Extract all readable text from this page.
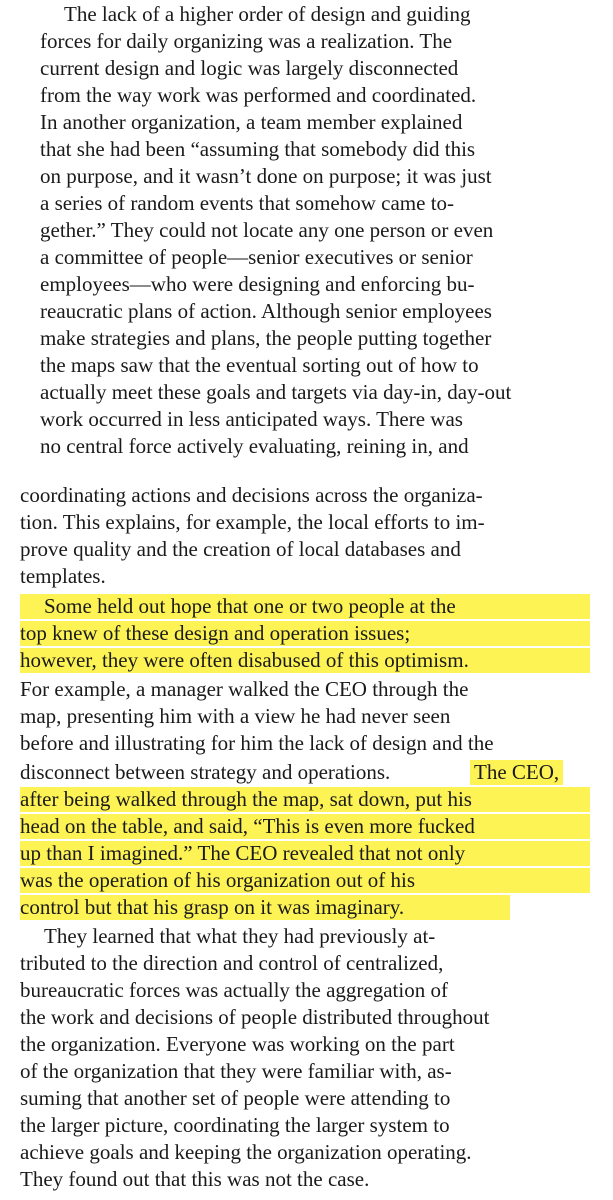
The lack of a higher order of design and guiding
forces for daily organizing was a realization. The
current design and logic was largely disconnected
from the way work was performed and coordinated.
In another organization, a team member explained
that she had been “assuming that somebody did this
on purpose, and it wasn’t done on purpose; it was just
a series of random events that somehow came to-
gether.” They could not locate any one person or even
a committee of people—senior executives or senior
employees—who were designing and enforcing bu-
reaucratic plans of action. Although senior employees
make strategies and plans, the people putting together
the maps saw that the eventual sorting out of how to
actually meet these goals and targets via day-in, day-out
work occurred in less anticipated ways. There was
no central force actively evaluating, reining in, and
coordinating actions and decisions across the organiza-
tion. This explains, for example, the local efforts to im-
prove quality and the creation of local databases and
templates.
Some held out hope that one or two people at the
top knew of these design and operation issues;
however, they were often disabused of this optimism.
For example, a manager walked the CEO through the
map, presenting him with a view he had never seen
before and illustrating for him the lack of design and the
disconnect between strategy and operations.	The CEO,
after being walked through the map, sat down, put his
head on the table, and said, “This is even more fucked
up than I imagined.” The CEO revealed that not only
was the operation of his organization out of his
control but that his grasp on it was imaginary.
They learned that what they had previously at-
tributed to the direction and control of centralized,
bureaucratic forces was actually the aggregation of
the work and decisions of people distributed throughout
the organization. Everyone was working on the part
of the organization that they were familiar with, as-
suming that another set of people were attending to
the larger picture, coordinating the larger system to
achieve goals and keeping the organization operating.
They found out that this was not the case.
